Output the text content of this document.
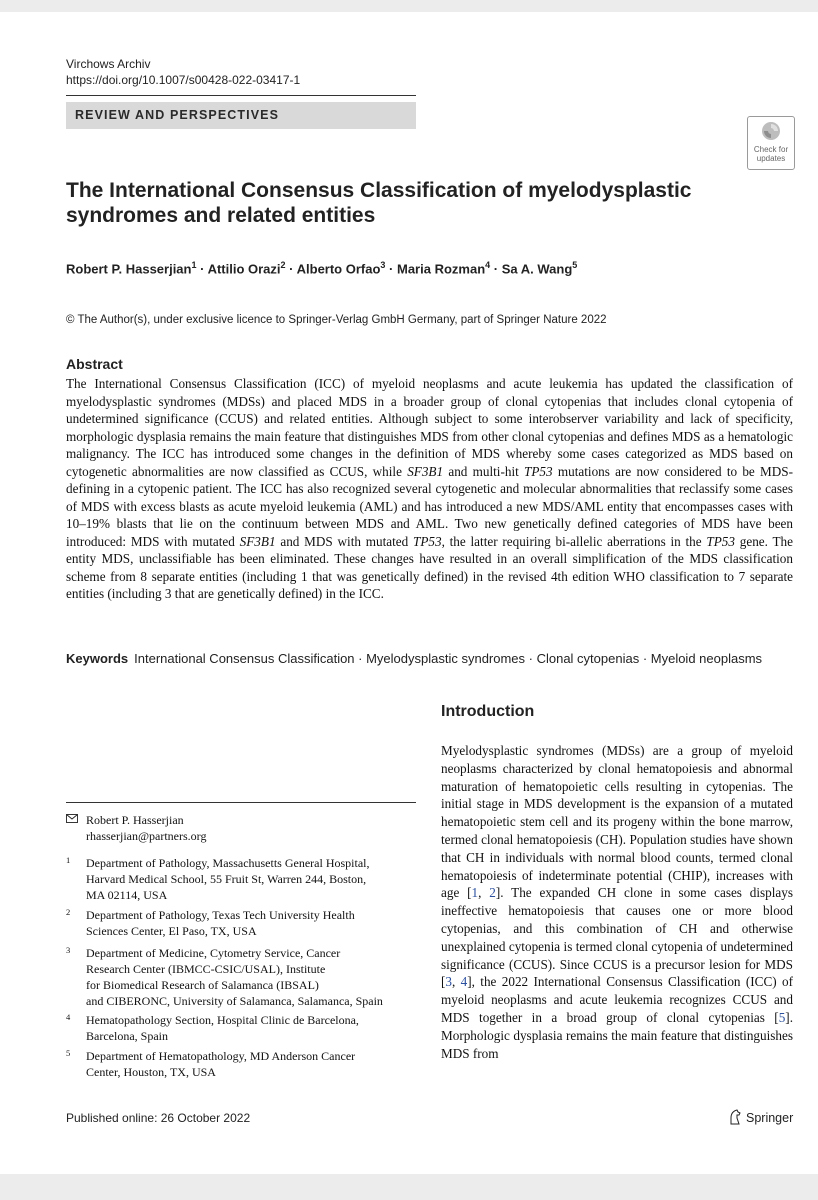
Virchows Archiv
https://doi.org/10.1007/s00428-022-03417-1
REVIEW AND PERSPECTIVES
Check for
updates
The International Consensus Classification of myelodysplastic
syndromes and related entities
Robert P. Hasserjian$^1$ · Attilio Orazi$^2$ · Alberto Orfao$^3$ · Maria Rozman$^4$ · Sa A. Wang$^5$
© The Author(s), under exclusive licence to Springer-Verlag GmbH Germany, part of Springer Nature 2022
Abstract
The International Consensus Classification (ICC) of myeloid neoplasms and acute leukemia has updated the classification of myelodysplastic syndromes (MDSs) and placed MDS in a broader group of clonal cytopenias that includes clonal cytopenia of undetermined significance (CCUS) and related entities. Although subject to some interobserver variability and lack of specificity, morphologic dysplasia remains the main feature that distinguishes MDS from other clonal cytopenias and defines MDS as a hematologic malignancy. The ICC has introduced some changes in the definition of MDS whereby some cases categorized as MDS based on cytogenetic abnormalities are now classified as CCUS, while SF3B1 and multi-hit TP53 mutations are now considered to be MDS-defining in a cytopenic patient. The ICC has also recognized several cytogenetic and molecular abnormalities that reclassify some cases of MDS with excess blasts as acute myeloid leukemia (AML) and has introduced a new MDS/AML entity that encompasses cases with 10–19% blasts that lie on the continuum between MDS and AML. Two new genetically defined categories of MDS have been introduced: MDS with mutated SF3B1 and MDS with mutated TP53, the latter requiring bi-allelic aberrations in the TP53 gene. The entity MDS, unclassifiable has been eliminated. These changes have resulted in an overall simplification of the MDS classification scheme from 8 separate entities (including 1 that was genetically defined) in the revised 4th edition WHO classification to 7 separate entities (including 3 that are genetically defined) in the ICC.
Keywords International Consensus Classification · Myelodysplastic syndromes · Clonal cytopenias · Myeloid neoplasms
Introduction
Myelodysplastic syndromes (MDSs) are a group of myeloid neoplasms characterized by clonal hematopoiesis and abnormal maturation of hematopoietic cells resulting in cytopenias. The initial stage in MDS development is the expansion of a mutated hematopoietic stem cell and its progeny within the bone marrow, termed clonal hematopoiesis (CH). Population studies have shown that CH in individuals with normal blood counts, termed clonal hematopoiesis of indeterminate potential (CHIP), increases with age [1, 2]. The expanded CH clone in some cases displays ineffective hematopoiesis that causes one or more blood cytopenias, and this combination of CH and otherwise unexplained cytopenia is termed clonal cytopenia of undetermined significance (CCUS). Since CCUS is a precursor lesion for MDS [3, 4], the 2022 International Consensus Classification (ICC) of myeloid neoplasms and acute leukemia recognizes CCUS and MDS together in a broad group of clonal cytopenias [5]. Morphologic dysplasia remains the main feature that distinguishes MDS from
Robert P. Hasserjian
rhasserjian@partners.org
1 Department of Pathology, Massachusetts General Hospital,
Harvard Medical School, 55 Fruit St, Warren 244, Boston,
MA 02114, USA
2 Department of Pathology, Texas Tech University Health
Sciences Center, El Paso, TX, USA
3 Department of Medicine, Cytometry Service, Cancer
Research Center (IBMCC-CSIC/USAL), Institute
for Biomedical Research of Salamanca (IBSAL)
and CIBERONC, University of Salamanca, Salamanca, Spain
4 Hematopathology Section, Hospital Clinic de Barcelona,
Barcelona, Spain
5 Department of Hematopathology, MD Anderson Cancer
Center, Houston, TX, USA
Published online: 26 October 2022	Springer
